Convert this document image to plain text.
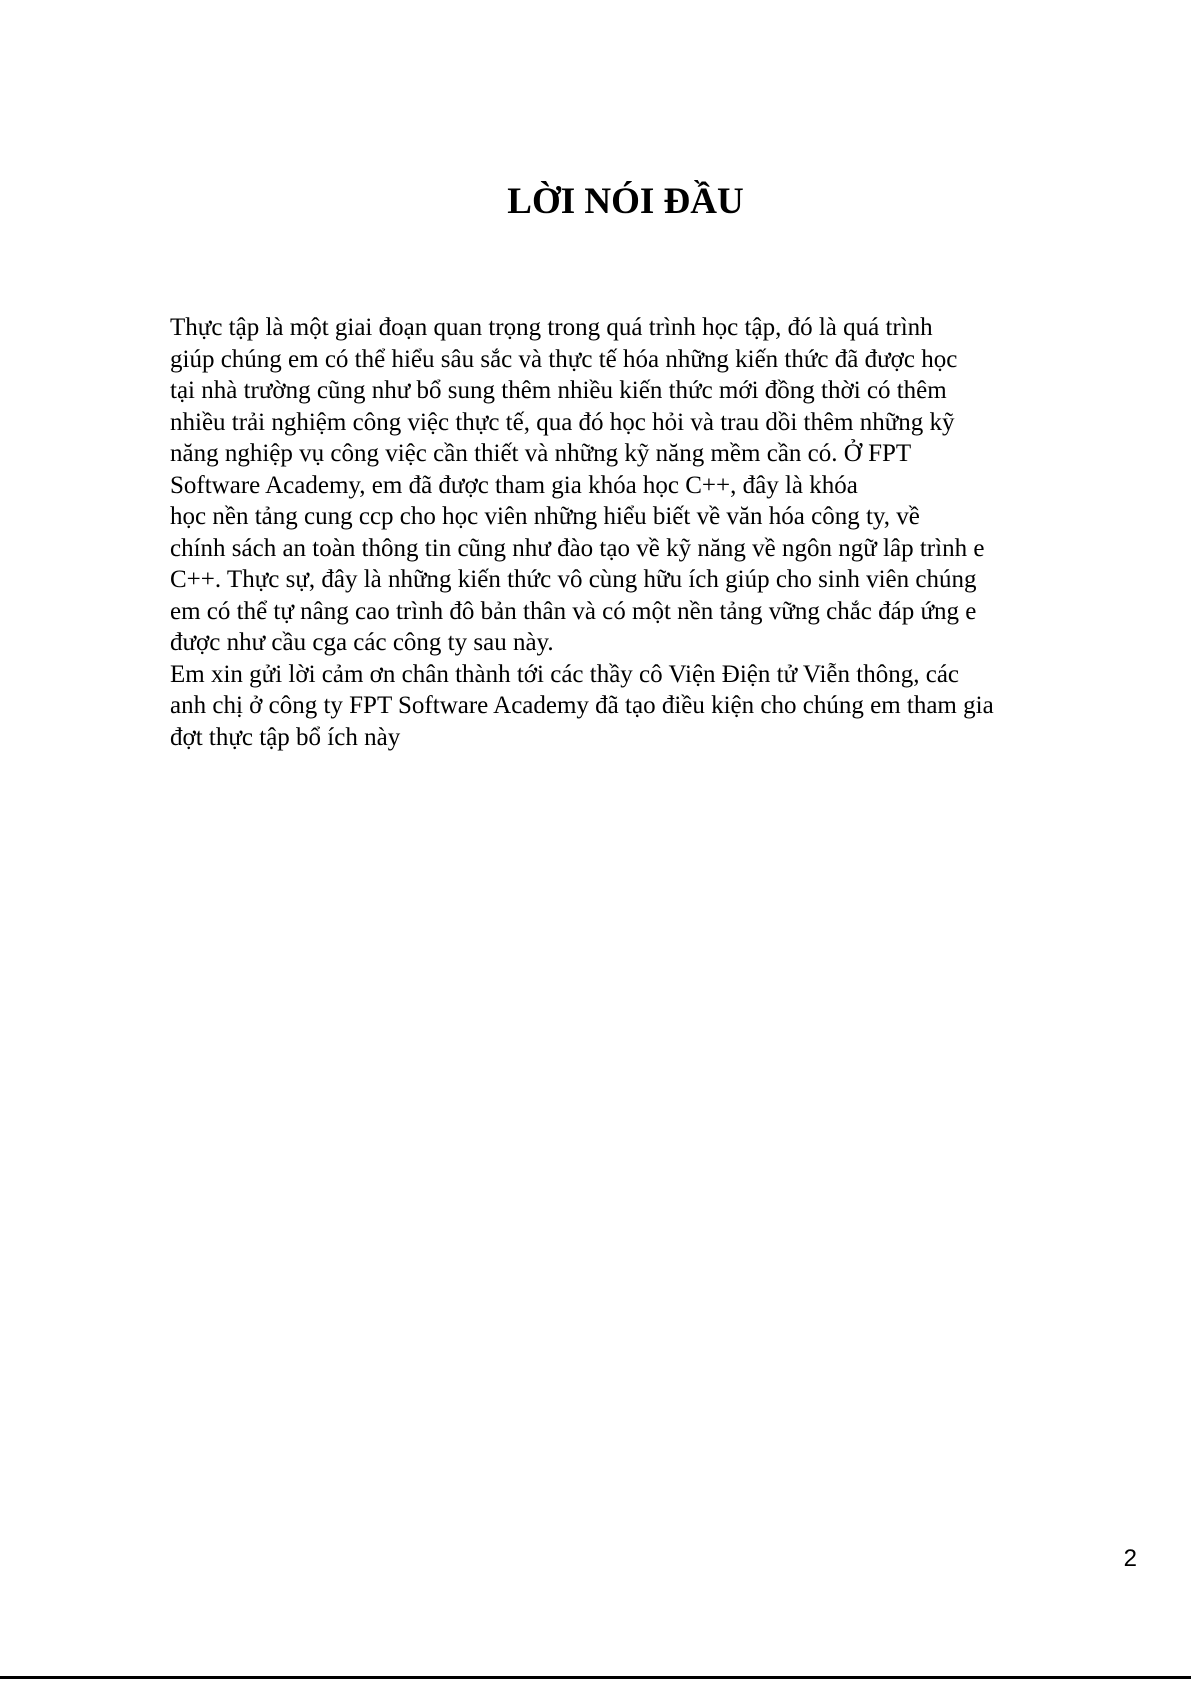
LỜI NÓI ĐẦU
Thực tập là một giai đoạn quan trọng trong quá trình học tập, đó là quá trình
giúp chúng em có thể hiểu sâu sắc và thực tế hóa những kiến thức đã được học
tại nhà trường cũng như bổ sung thêm nhiều kiến thức mới đồng thời có thêm
nhiều trải nghiệm công việc thực tế, qua đó học hỏi và trau dồi thêm những kỹ
năng nghiệp vụ công việc cần thiết và những kỹ năng mềm cần có. Ở FPT
Software Academy, em đã được tham gia khóa học C++, đây là khóa
học nền tảng cung ccp cho học viên những hiểu biết về văn hóa công ty, về
chính sách an toàn thông tin cũng như đào tạo về kỹ năng về ngôn ngữ lâp trình e
C++. Thực sự, đây là những kiến thức vô cùng hữu ích giúp cho sinh viên chúng
em có thể tự nâng cao trình đô bản thân và có một nền tảng vững chắc đáp ứng e
được như cầu cga các công ty sau này.
Em xin gửi lời cảm ơn chân thành tới các thầy cô Viện Điện tử Viễn thông, các
anh chị ở công ty FPT Software Academy đã tạo điều kiện cho chúng em tham gia
đợt thực tập bổ ích này
2
